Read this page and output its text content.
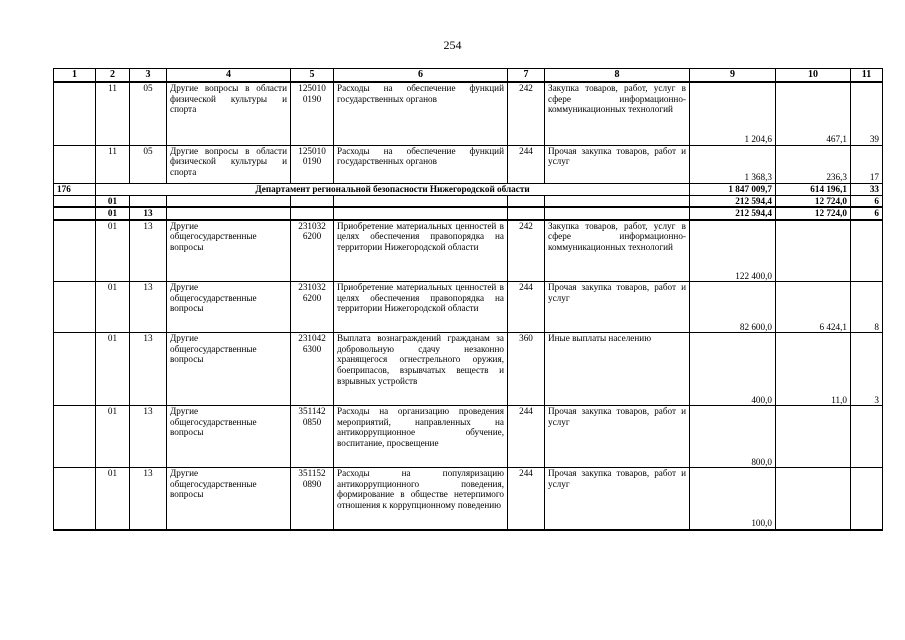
254
1	2	3	4	5	6	7	8	9	10	11
	11	05	Другие вопросы в области физической культуры и спорта	125010 0190	Расходы на обеспечение функций государственных органов	242	Закупка товаров, работ, услуг в сфере информационно-коммуникационных технологий	1 204,6	467,1	39
	11	05	Другие вопросы в области физической культуры и спорта	125010 0190	Расходы на обеспечение функций государственных органов	244	Прочая закупка товаров, работ и услуг	1 368,3	236,3	17
176	Департамент региональной безопасности Нижегородской области							1 847 009,7	614 196,1	33
	01							212 594,4	12 724,0	6
	01	13						212 594,4	12 724,0	6
	01	13	Другие общегосударственные вопросы	231032 6200	Приобретение материальных ценностей в целях обеспечения правопорядка на территории Нижегородской области	242	Закупка товаров, работ, услуг в сфере информационно-коммуникационных технологий	122 400,0		
	01	13	Другие общегосударственные вопросы	231032 6200	Приобретение материальных ценностей в целях обеспечения правопорядка на территории Нижегородской области	244	Прочая закупка товаров, работ и услуг	82 600,0	6 424,1	8
	01	13	Другие общегосударственные вопросы	231042 6300	Выплата вознаграждений гражданам за добровольную сдачу незаконно хранящегося огнестрельного оружия, боеприпасов, взрывчатых веществ и взрывных устройств	360	Иные выплаты населению	400,0	11,0	3
	01	13	Другие общегосударственные вопросы	351142 0850	Расходы на организацию проведения мероприятий, направленных на антикоррупционное обучение, воспитание, просвещение	244	Прочая закупка товаров, работ и услуг	800,0		
	01	13	Другие общегосударственные вопросы	351152 0890	Расходы на популяризацию антикоррупционного поведения, формирование в обществе нетерпимого отношения к коррупционному поведению	244	Прочая закупка товаров, работ и услуг	100,0		
